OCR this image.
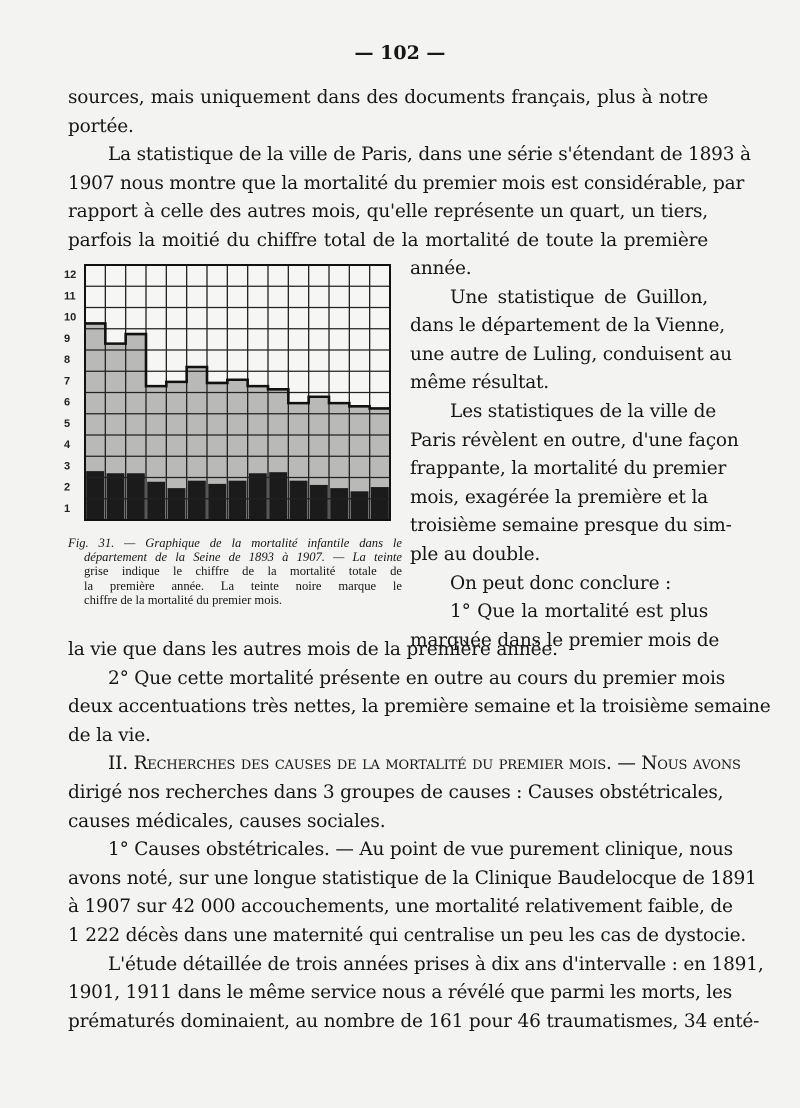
— 102 —
sources, mais uniquement dans des documents français, plus à notre
portée.
La statistique de la ville de Paris, dans une série s'étendant de 1893 à
1907 nous montre que la mortalité du premier mois est considérable, par
rapport à celle des autres mois, qu'elle représente un quart, un tiers,
parfois la moitié du chiffre total de la mortalité de toute la première
année.
Une statistique de Guillon,
dans le département de la Vienne,
une autre de Luling, conduisent au
même résultat.
Les statistiques de la ville de
Paris révèlent en outre, d'une façon
frappante, la mortalité du premier
mois, exagérée la première et la
troisième semaine presque du sim-
ple au double.
On peut donc conclure :
1° Que la mortalité est plus
marquée dans le premier mois de
la vie que dans les autres mois de la première année.
2° Que cette mortalité présente en outre au cours du premier mois
deux accentuations très nettes, la première semaine et la troisième semaine
de la vie.
II. Recherches des causes de la mortalité du premier mois. — Nous avons
dirigé nos recherches dans 3 groupes de causes : Causes obstétricales,
causes médicales, causes sociales.
1° Causes obstétricales. — Au point de vue purement clinique, nous
avons noté, sur une longue statistique de la Clinique Baudelocque de 1891
à 1907 sur 42 000 accouchements, une mortalité relativement faible, de
1 222 décès dans une maternité qui centralise un peu les cas de dystocie.
L'étude détaillée de trois années prises à dix ans d'intervalle : en 1891,
1901, 1911 dans le même service nous a révélé que parmi les morts, les
prématurés dominaient, au nombre de 161 pour 46 traumatismes, 34 enté-
1
2
3
4
5
6
7
8
9
10
11
12
Fig. 31. — Graphique de la mortalité infantile dans le
département de la Seine de 1893 à 1907. — La teinte
grise indique le chiffre de la mortalité totale de
la première année. La teinte noire marque le
chiffre de la mortalité du premier mois.
